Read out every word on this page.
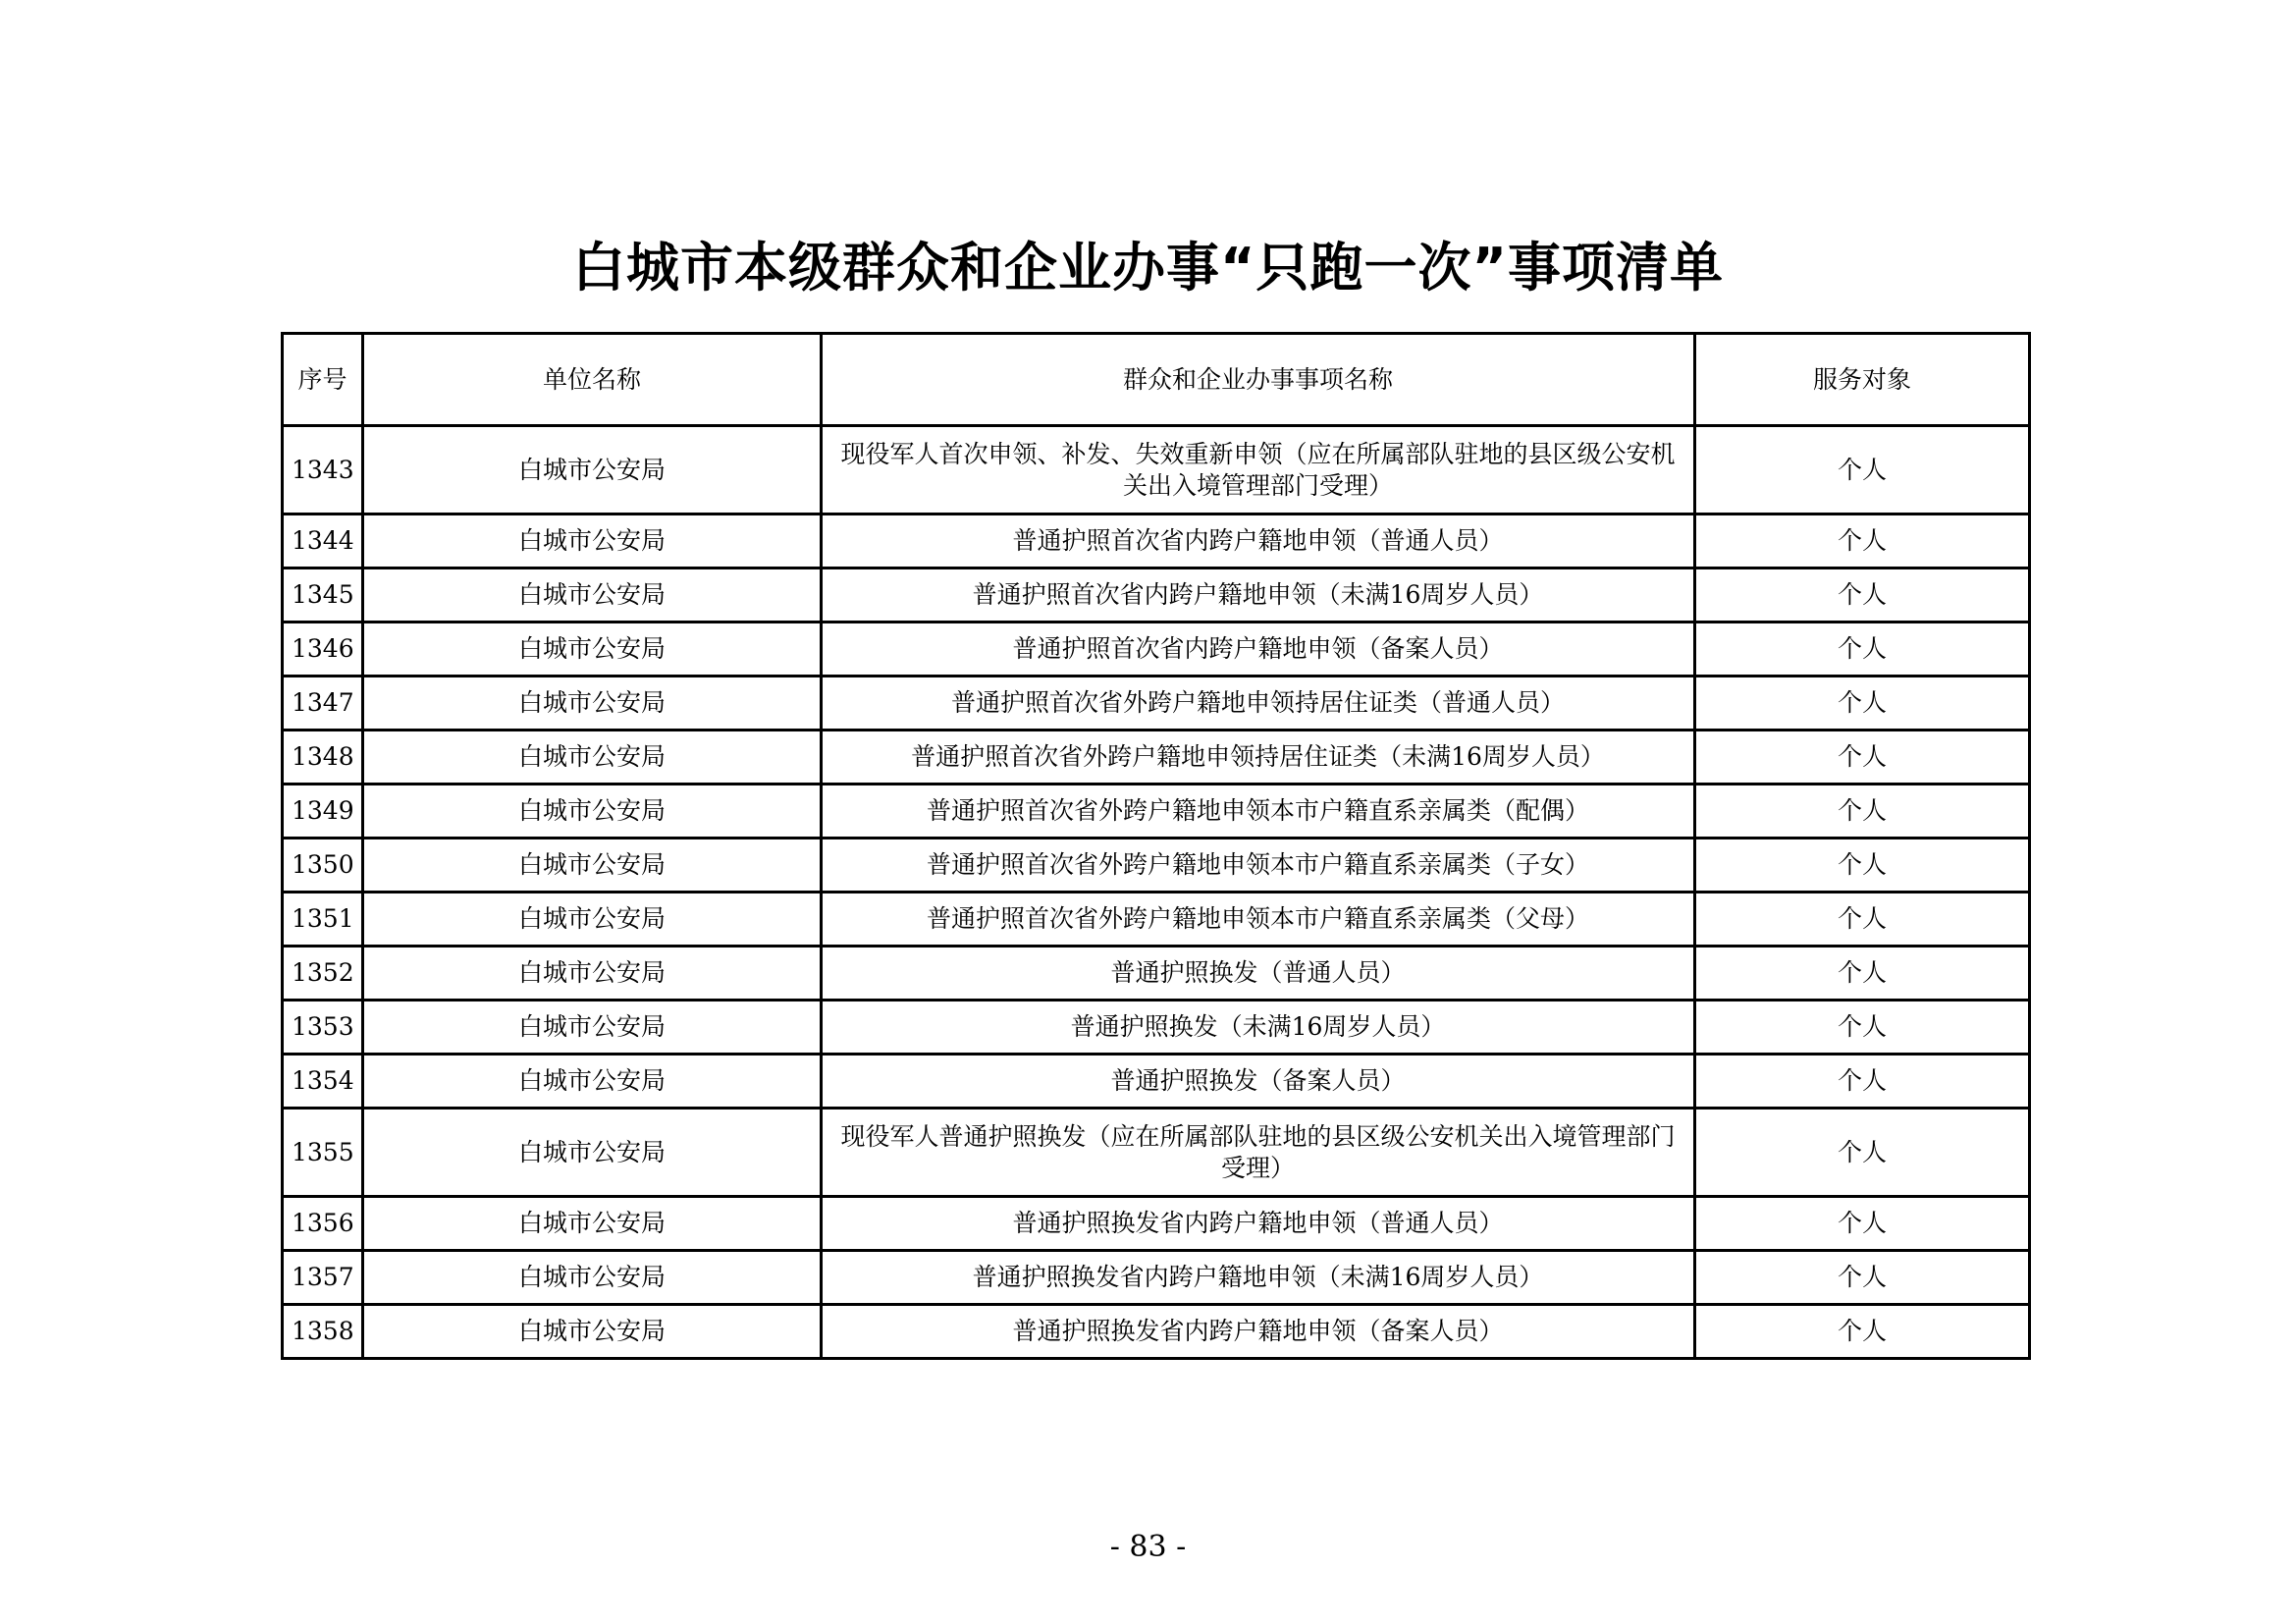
白城市本级群众和企业办事“只跑一次”事项清单
序号	单位名称	群众和企业办事事项名称	服务对象
1343	白城市公安局	现役军人首次申领、补发、失效重新申领（应在所属部队驻地的县区级公安机关出入境管理部门受理）	个人
1344	白城市公安局	普通护照首次省内跨户籍地申领（普通人员）	个人
1345	白城市公安局	普通护照首次省内跨户籍地申领（未满16周岁人员）	个人
1346	白城市公安局	普通护照首次省内跨户籍地申领（备案人员）	个人
1347	白城市公安局	普通护照首次省外跨户籍地申领持居住证类（普通人员）	个人
1348	白城市公安局	普通护照首次省外跨户籍地申领持居住证类（未满16周岁人员）	个人
1349	白城市公安局	普通护照首次省外跨户籍地申领本市户籍直系亲属类（配偶）	个人
1350	白城市公安局	普通护照首次省外跨户籍地申领本市户籍直系亲属类（子女）	个人
1351	白城市公安局	普通护照首次省外跨户籍地申领本市户籍直系亲属类（父母）	个人
1352	白城市公安局	普通护照换发（普通人员）	个人
1353	白城市公安局	普通护照换发（未满16周岁人员）	个人
1354	白城市公安局	普通护照换发（备案人员）	个人
1355	白城市公安局	现役军人普通护照换发（应在所属部队驻地的县区级公安机关出入境管理部门受理）	个人
1356	白城市公安局	普通护照换发省内跨户籍地申领（普通人员）	个人
1357	白城市公安局	普通护照换发省内跨户籍地申领（未满16周岁人员）	个人
1358	白城市公安局	普通护照换发省内跨户籍地申领（备案人员）	个人
- 83 -
